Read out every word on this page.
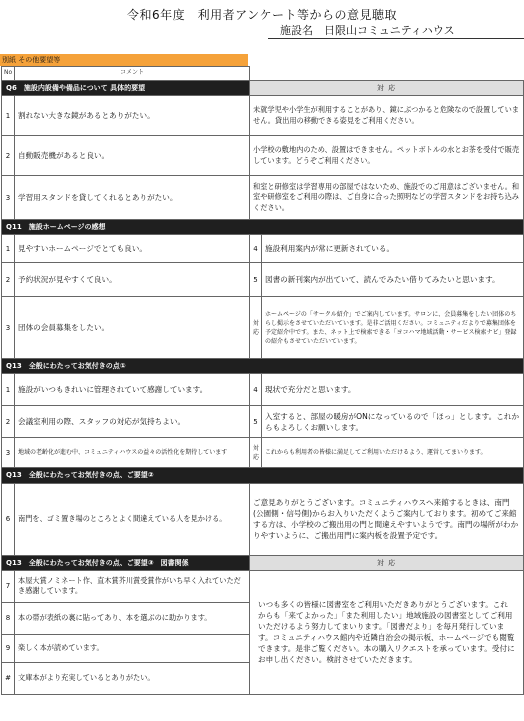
令和6年度　利用者アンケート等からの意見聴取
施設名　日限山コミュニティハウス
別紙 その他要望等
No	コメント		
Q6　施設内設備や備品について 具体的要望		対 応	
1	割れない大きな鏡があるとありがたい。	未就学児や小学生が利用することがあり、鏡にぶつかると危険なので設置していません。貸出用の移動できる姿見をご利用ください。	
2	自動販売機があると良い。	小学校の敷地内のため、設置はできません。ペットボトルの水とお茶を受付で販売しています。どうぞご利用ください。	
3	学習用スタンドを貸してくれるとありがたい。	和室と研修室は学習専用の部屋ではないため、施設でのご用意はございません。和室や研修室をご利用の際は、ご自身に合った照明などの学習スタンドをお持ち込みください。	
Q11　施設ホームページの感想			
1	見やすいホームページでとても良い。	4	施設利用案内が常に更新されている。
2	予約状況が見やすくて良い。	5	図書の新刊案内が出ていて、読んでみたい借りてみたいと思います。
3	団体の会員募集をしたい。	対応	ホームページの「サークル紹介」でご案内しています。サロンに、会員募集をしたい団体のちらし掲示をさせていただいています。是非ご活用ください。コミュニティだよりで募集団体を予定紹介中です。また、ネット上で検索できる「ヨコハマ地域活動・サービス検索ナビ」登録の紹介もさせていただいています。
Q13　全般にわたってお気付きの点①			
1	施設がいつもきれいに管理されていて感謝しています。	4	現状で充分だと思います。
2	会議室利用の際、スタッフの対応が気持ちよい。	5	入室すると、部屋の暖房がONになっているので「ほっ」とします。これからもよろしくお願いします。
3	地域の老齢化が進む中、コミュニティハウスの益々の活性化を期待しています	対応	これからも利用者の皆様に満足してご利用いただけるよう、運営してまいります。
Q13　全般にわたってお気付きの点、ご要望②			
6	南門を、ゴミ置き場のところとよく間違えている人を見かける。	ご意見ありがとうございます。コミュニティハウスへ来館するときは、南門(公園側・信号側)からお入りいただくようご案内しております。初めてご来館する方は、小学校のご搬出用の門と間違えやすいようです。南門の場所がわかりやすいように、ご搬出用門に案内板を設置予定です。	
Q13　全般にわたってお気付きの点、ご要望③　図書関係		対 応	
7	本屋大賞ノミネート作、直木賞芥川賞受賞作がいち早く入れていただき感謝しています。	いつも多くの皆様に図書室をご利用いただきありがとうございます。これからも「来てよかった」「また利用したい」地域施設の図書室としてご利用いただけるよう努力してまいります。「図書だより」を毎月発行しています。コミュニティハウス館内や近隣自治会の掲示板、ホームページでも閲覧できます。是非ご覧ください。本の購入リクエストを承っています。受付にお申し出ください。検討させていただきます。	
8	本の帯が表紙の裏に貼ってあり、本を選ぶのに助かります。		
9	楽しく本が読めています。		
#	文庫本がより充実しているとありがたい。		
